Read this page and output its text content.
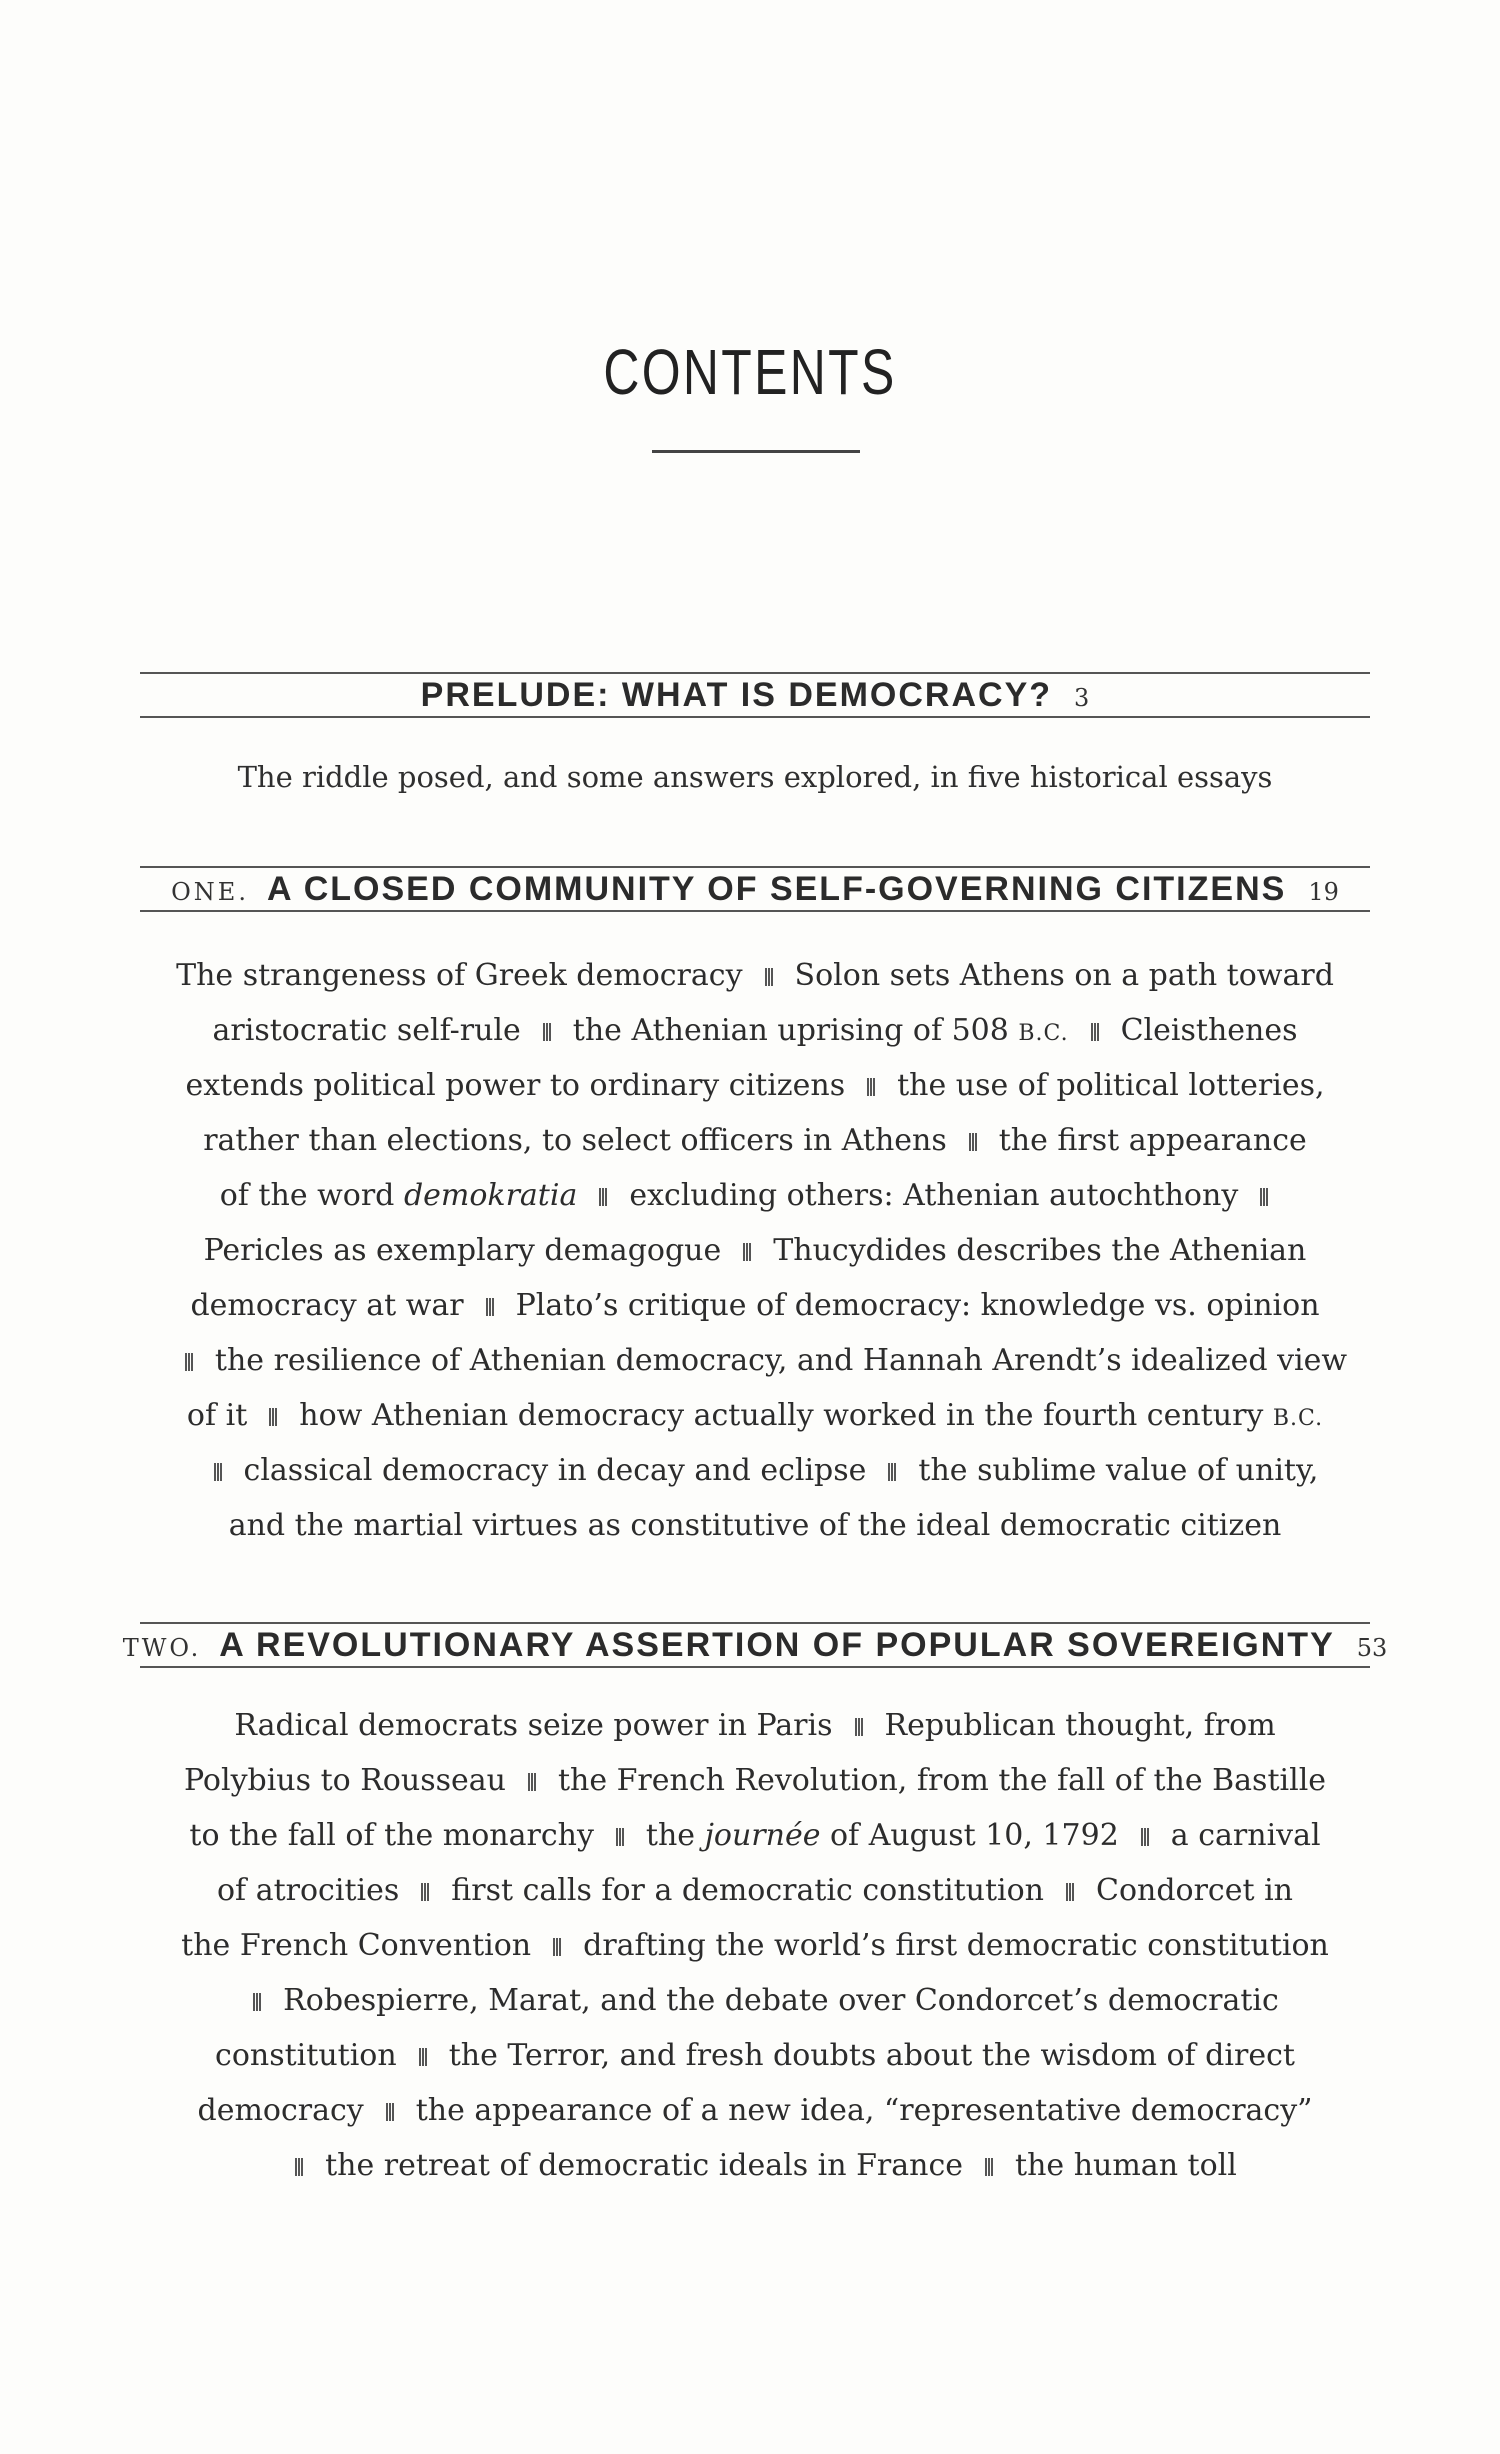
CONTENTS
PRELUDE: WHAT IS DEMOCRACY? 3
The riddle posed, and some answers explored, in five historical essays
ONE. A CLOSED COMMUNITY OF SELF-GOVERNING CITIZENS 19
The strangeness of Greek democracy Solon sets Athens on a path toward
aristocratic self-rule the Athenian uprising of 508 B.C. Cleisthenes
extends political power to ordinary citizens the use of political lotteries,
rather than elections, to select officers in Athens the first appearance
of the word demokratia excluding others: Athenian autochthony
Pericles as exemplary demagogue Thucydides describes the Athenian
democracy at war Plato’s critique of democracy: knowledge vs. opinion
the resilience of Athenian democracy, and Hannah Arendt’s idealized view
of it how Athenian democracy actually worked in the fourth century B.C.
classical democracy in decay and eclipse the sublime value of unity,
and the martial virtues as constitutive of the ideal democratic citizen
TWO. A REVOLUTIONARY ASSERTION OF POPULAR SOVEREIGNTY 53
Radical democrats seize power in Paris Republican thought, from
Polybius to Rousseau the French Revolution, from the fall of the Bastille
to the fall of the monarchy the journée of August 10, 1792 a carnival
of atrocities first calls for a democratic constitution Condorcet in
the French Convention drafting the world’s first democratic constitution
Robespierre, Marat, and the debate over Condorcet’s democratic
constitution the Terror, and fresh doubts about the wisdom of direct
democracy the appearance of a new idea, “representative democracy”
the retreat of democratic ideals in France the human toll
